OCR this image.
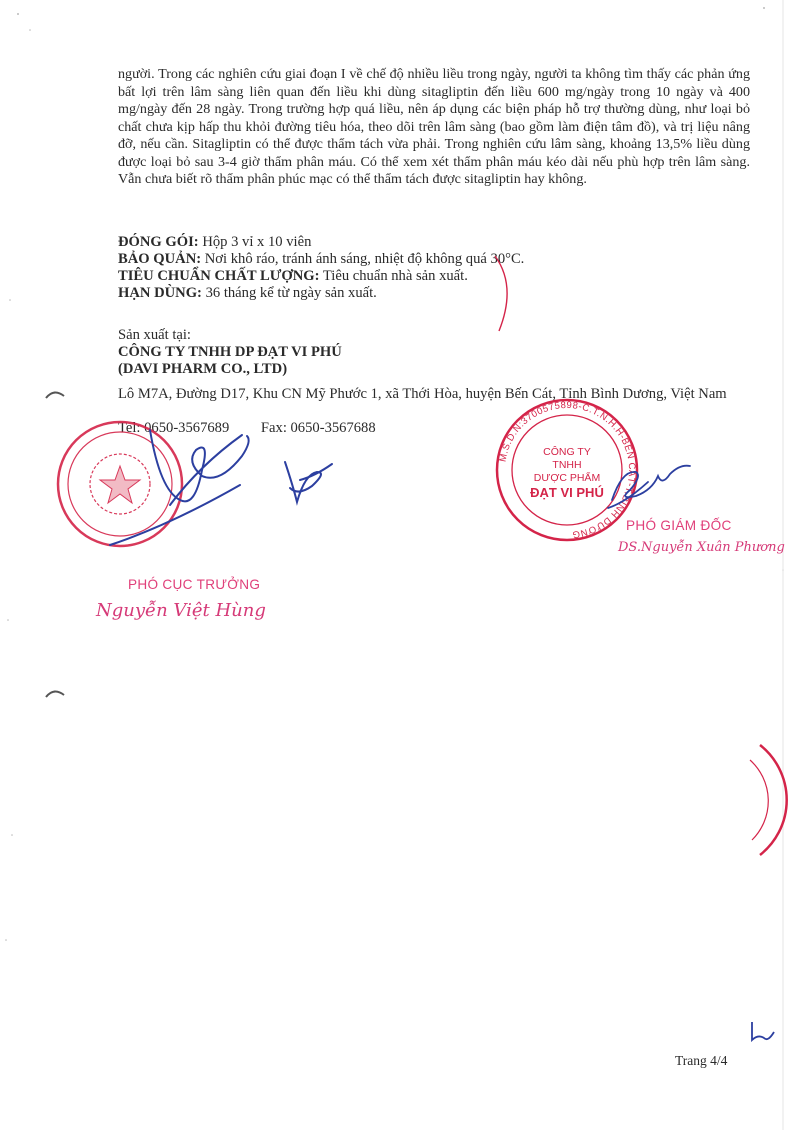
người. Trong các nghiên cứu giai đoạn I về chế độ nhiều liều trong ngày, người ta không tìm thấy các phản ứng bất lợi trên lâm sàng liên quan đến liều khi dùng sitagliptin đến liều 600 mg/ngày trong 10 ngày và 400 mg/ngày đến 28 ngày. Trong trường hợp quá liều, nên áp dụng các biện pháp hỗ trợ thường dùng, như loại bỏ chất chưa kịp hấp thu khỏi đường tiêu hóa, theo dõi trên lâm sàng (bao gồm làm điện tâm đồ), và trị liệu nâng đỡ, nếu cần. Sitagliptin có thể được thẩm tách vừa phải. Trong nghiên cứu lâm sàng, khoảng 13,5% liều dùng được loại bỏ sau 3-4 giờ thẩm phân máu. Có thể xem xét thẩm phân máu kéo dài nếu phù hợp trên lâm sàng. Vẫn chưa biết rõ thẩm phân phúc mạc có thể thẩm tách được sitagliptin hay không.

ĐÓNG GÓI: Hộp 3 vỉ x 10 viên
BẢO QUẢN: Nơi khô ráo, tránh ánh sáng, nhiệt độ không quá 30°C.
TIÊU CHUẨN CHẤT LƯỢNG: Tiêu chuẩn nhà sản xuất.
HẠN DÙNG: 36 tháng kể từ ngày sản xuất.
Sản xuất tại:
CÔNG TY TNHH DP ĐẠT VI PHÚ
(DAVI PHARM CO., LTD)
Lô M7A, Đường D17, Khu CN Mỹ Phước 1, xã Thới Hòa, huyện Bến Cát, Tỉnh Bình Dương, Việt Nam
Tel: 0650-3567689 Fax: 0650-3567688
M.S.D.N:3700575898-C.T.N.H.H-BẾN CÁT-T.BÌNH DƯƠNG
CÔNG TY
TNHH
DƯỢC PHẨM
ĐẠT VI PHÚ
PHÓ CỤC TRƯỞNG
Nguyễn Việt Hùng
PHÓ GIÁM ĐỐC
DS.Nguyễn Xuân Phương
Trang 4/4
